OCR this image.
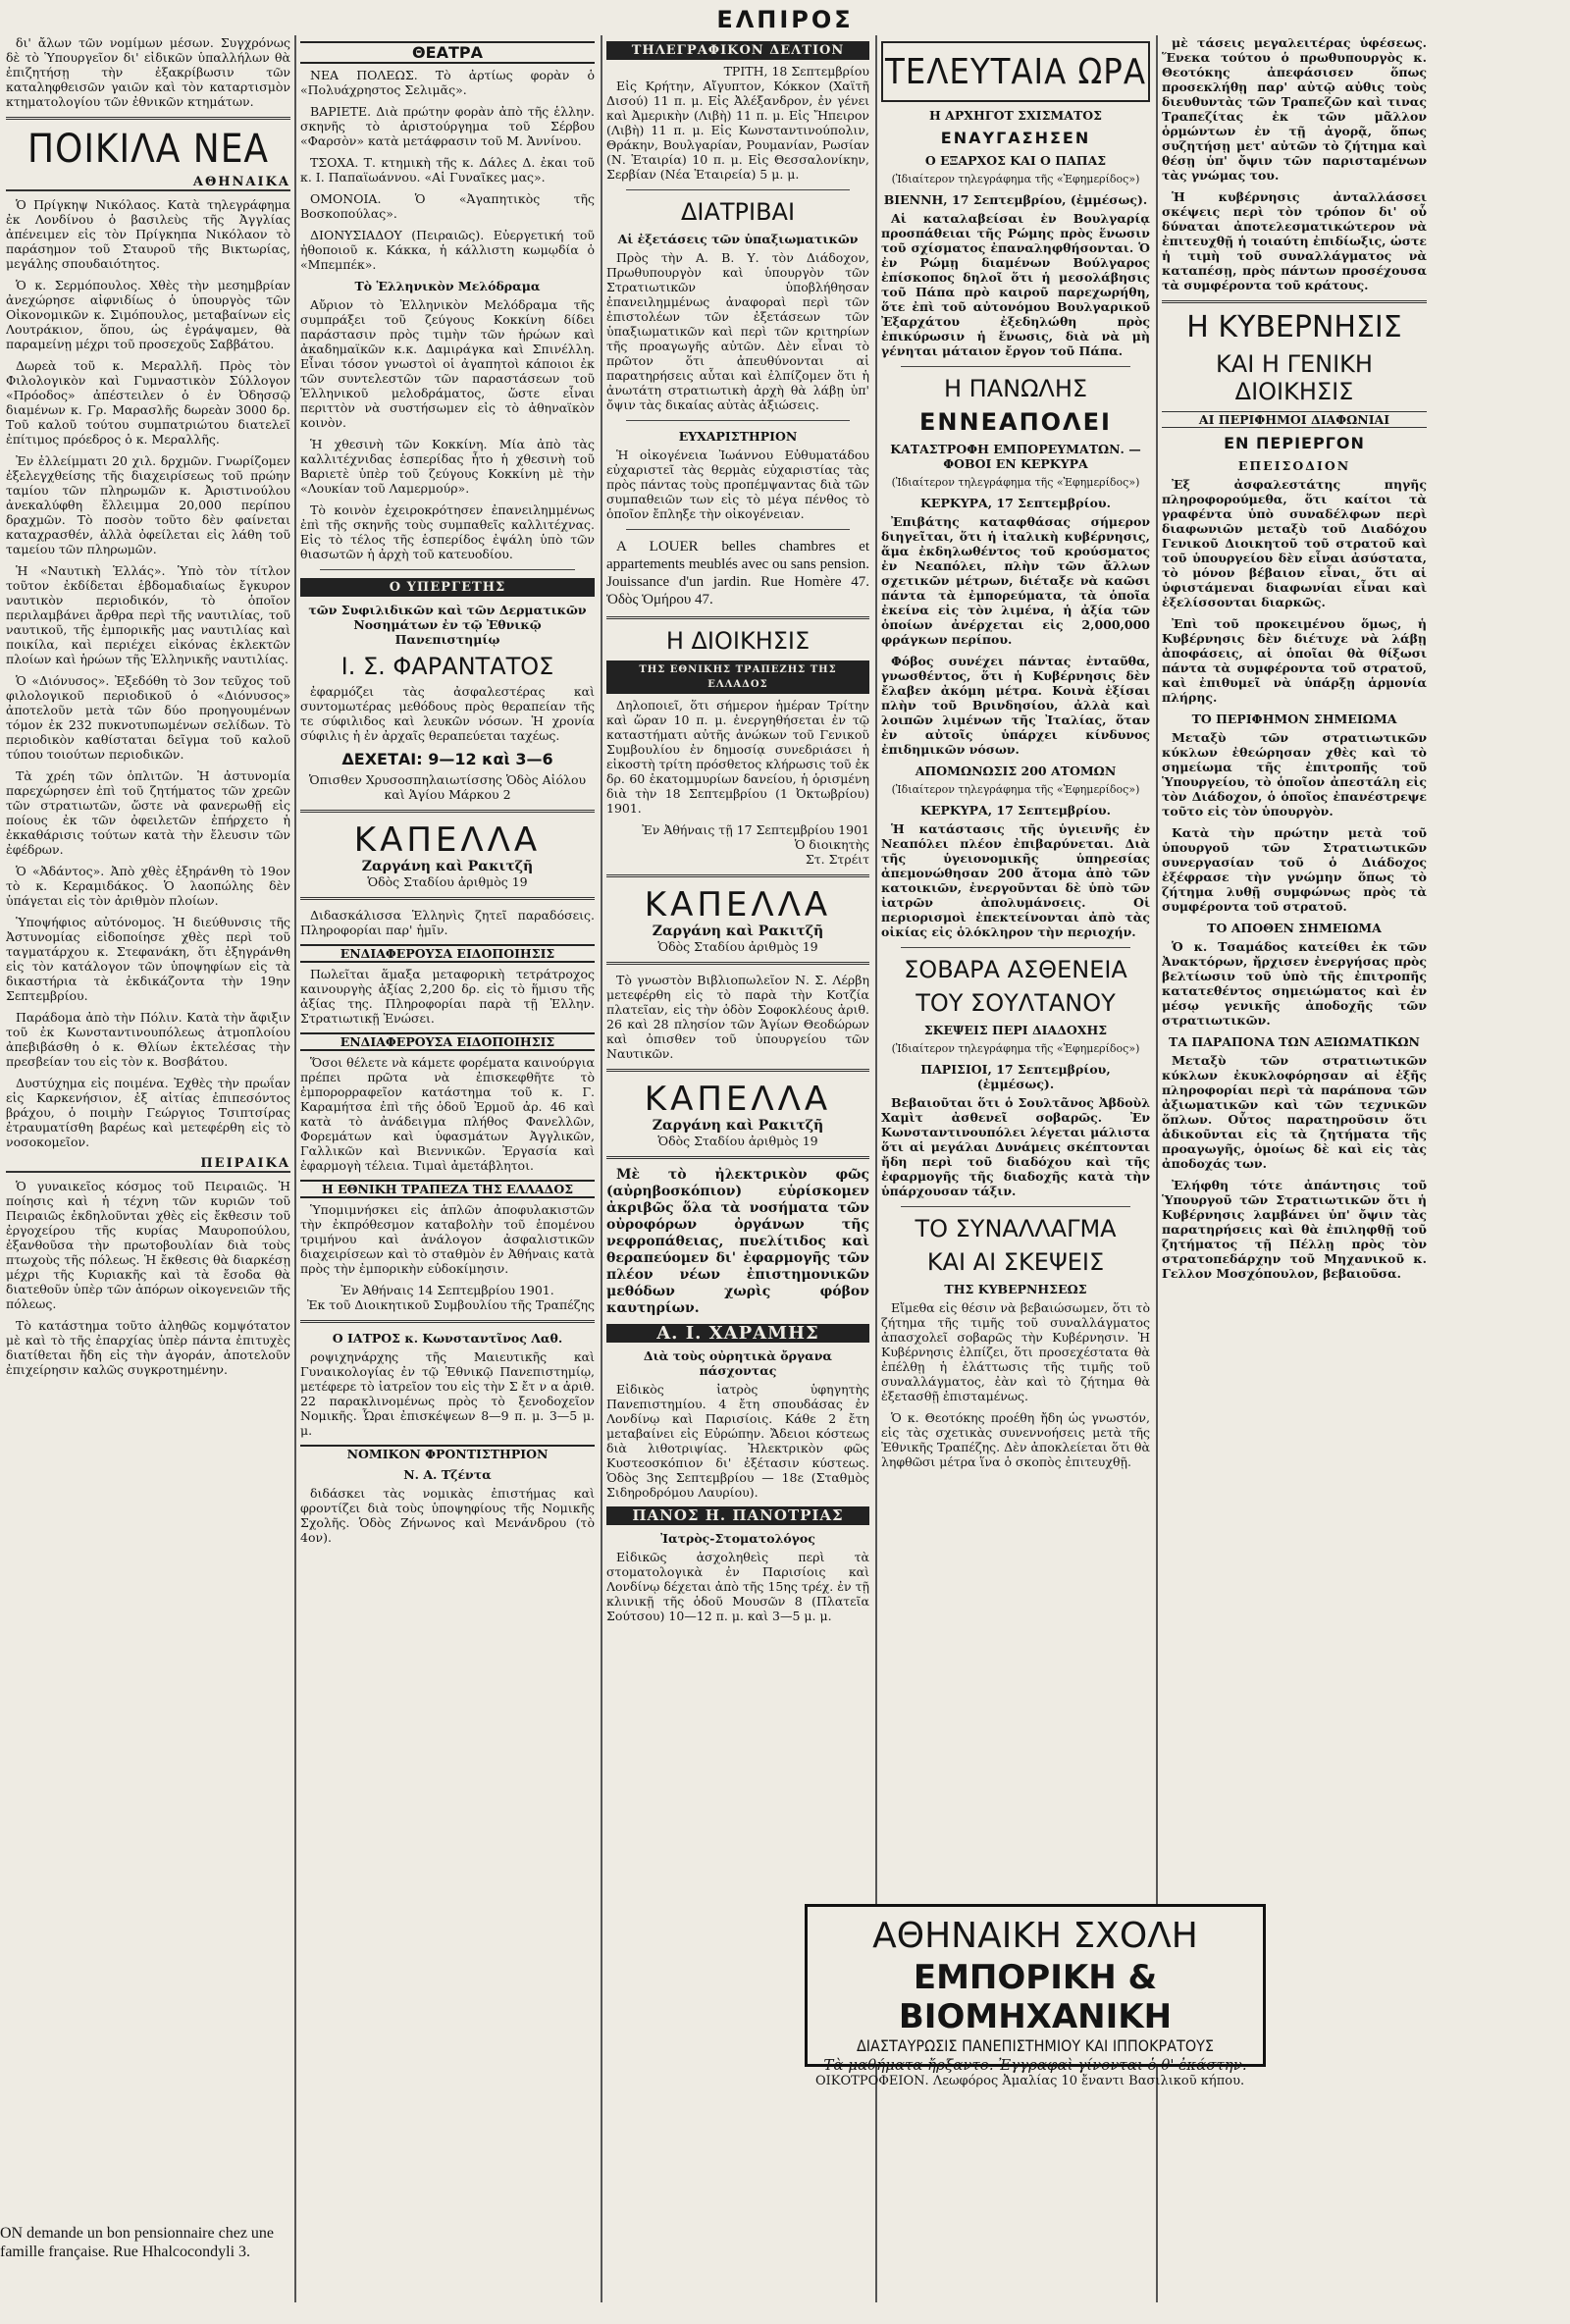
ΕΛΠΙΡΟΣ

δι' ἄλων τῶν νομίμων μέσων. Συγχρόνως δὲ τὸ Ὑπουργεῖον δι' εἰδικῶν ὑπαλλήλων θὰ ἐπιζητήσῃ τὴν ἐξακρίβωσιν τῶν καταληφθεισῶν γαιῶν καὶ τὸν καταρτισμὸν κτηματολογίου τῶν ἐθνικῶν κτημάτων.

ΠΟΙΚΙΛΑ ΝΕΑ
ΑΘΗΝΑΙΚΑ

Ὁ Πρίγκηψ Νικόλαος. Κατὰ τηλεγράφημα ἐκ Λονδίνου ὁ βασιλεὺς τῆς Ἀγγλίας ἀπένειμεν εἰς τὸν Πρίγκηπα Νικόλαον τὸ παράσημον τοῦ Σταυροῦ τῆς Βικτωρίας, μεγάλης σπουδαιότητος.

Ὁ κ. Σερμόπουλος. Χθὲς τὴν μεσημβρίαν ἀνεχώρησε αἰφνιδίως ὁ ὑπουργὸς τῶν Οἰκονομικῶν κ. Σιμόπουλος, μεταβαίνων εἰς Λουτράκιον, ὅπου, ὡς ἐγράψαμεν, θὰ παραμείνῃ μέχρι τοῦ προσεχοῦς Σαββάτου.

Δωρεὰ τοῦ κ. Μεραλλῆ. Πρὸς τὸν Φιλολογικὸν καὶ Γυμναστικὸν Σύλλογον «Πρόοδος» ἀπέστειλεν ὁ ἐν Ὀδησσῷ διαμένων κ. Γρ. Μαρασλῆς δωρεὰν 3000 δρ. Τοῦ καλοῦ τούτου συμπατριώτου διατελεῖ ἐπίτιμος πρόεδρος ὁ κ. Μεραλλῆς.

Ἐν ἐλλείμματι 20 χιλ. δρχμῶν. Γνωρίζομεν ἐξελεγχθείσης τῆς διαχειρίσεως τοῦ πρώην ταμίου τῶν πληρωμῶν κ. Ἀριστινούλου ἀνεκαλύφθη ἔλλειμμα 20,000 περίπου δραχμῶν. Τὸ ποσὸν τοῦτο δὲν φαίνεται καταχρασθέν, ἀλλὰ ὀφείλεται εἰς λάθη τοῦ ταμείου τῶν πληρωμῶν.

Ἡ «Ναυτικὴ Ἑλλάς». Ὑπὸ τὸν τίτλον τοῦτον ἐκδίδεται ἑβδομαδιαίως ἔγκυρον ναυτικὸν περιοδικόν, τὸ ὁποῖον περιλαμβάνει ἄρθρα περὶ τῆς ναυτιλίας, τοῦ ναυτικοῦ, τῆς ἐμπορικῆς μας ναυτιλίας καὶ ποικίλα, καὶ περιέχει εἰκόνας ἐκλεκτῶν πλοίων καὶ ἡρώων τῆς Ἑλληνικῆς ναυτιλίας.

Ὁ «Διόνυσος». Ἐξεδόθη τὸ 3ον τεῦχος τοῦ φιλολογικοῦ περιοδικοῦ ὁ «Διόνυσος» ἀποτελοῦν μετὰ τῶν δύο προηγουμένων τόμον ἐκ 232 πυκνοτυπωμένων σελίδων. Τὸ περιοδικὸν καθίσταται δεῖγμα τοῦ καλοῦ τύπου τοιούτων περιοδικῶν.

Τὰ χρέη τῶν ὁπλιτῶν. Ἡ ἀστυνομία παρεχώρησεν ἐπὶ τοῦ ζητήματος τῶν χρεῶν τῶν στρατιωτῶν, ὥστε νὰ φανερωθῇ εἰς ποίους ἐκ τῶν ὀφειλετῶν ἐπήρχετο ἡ ἐκκαθάρισις τούτων κατὰ τὴν ἔλευσιν τῶν ἐφέδρων.

Ὁ «Ἀδάντος». Ἀπὸ χθὲς ἐξηράνθη τὸ 19ον τὸ κ. Κεραμιδάκος. Ὁ λαοπώλης δὲν ὑπάγεται εἰς τὸν ἀριθμὸν πλοίων.

Ὑποψήφιος αὐτόνομος. Ἡ διεύθυνσις τῆς Ἀστυνομίας εἰδοποίησε χθὲς περὶ τοῦ ταγματάρχου κ. Στεφανάκη, ὅτι ἐξηγράνθη εἰς τὸν κατάλογον τῶν ὑποψηφίων εἰς τὰ δικαστήρια τὰ ἐκδικάζοντα τὴν 19ην Σεπτεμβρίου.

Παράδομα ἀπὸ τὴν Πόλιν. Κατὰ τὴν ἄφιξιν τοῦ ἐκ Κωνσταντινουπόλεως ἀτμοπλοίου ἀπεβιβάσθη ὁ κ. Θλίων ἐκτελέσας τὴν πρεσβείαν του εἰς τὸν κ. Βοσβάτου.

Δυστύχημα εἰς ποιμένα. Ἐχθὲς τὴν πρωΐαν εἰς Καρκενήσιον, ἐξ αἰτίας ἐπιπεσόντος βράχου, ὁ ποιμὴν Γεώργιος Τσιπτσίρας ἐτραυματίσθη βαρέως καὶ μετεφέρθη εἰς τὸ νοσοκομεῖον.

ΠΕΙΡΑΙΚΑ

Ὁ γυναικεῖος κόσμος τοῦ Πειραιῶς. Ἡ ποίησις καὶ ἡ τέχνη τῶν κυριῶν τοῦ Πειραιῶς ἐκδηλοῦνται χθὲς εἰς ἔκθεσιν τοῦ ἐργοχείρου τῆς κυρίας Μαυροπούλου, ἐξανθοῦσα τὴν πρωτοβουλίαν διὰ τοὺς πτωχοὺς τῆς πόλεως. Ἡ ἔκθεσις θὰ διαρκέσῃ μέχρι τῆς Κυριακῆς καὶ τὰ ἔσοδα θὰ διατεθοῦν ὑπὲρ τῶν ἀπόρων οἰκογενειῶν τῆς πόλεως.

Τὸ κατάστημα τοῦτο ἀληθῶς κομψότατον μὲ καὶ τὸ τῆς ἐπαρχίας ὑπὲρ πάντα ἐπιτυχὲς διατίθεται ἤδη εἰς τὴν ἀγοράν, ἀποτελοῦν ἐπιχείρησιν καλῶς συγκροτημένην.

ON demande un bon pensionnaire chez une famille française. Rue Hhalcocondyli 3.
ΘΕΑΤΡΑ

ΝΕΑ ΠΟΛΕΩΣ. Τὸ ἀρτίως φορὰν ὁ «Πολυάχρηστος Σελιμᾶς».

ΒΑΡΙΕΤΕ. Διὰ πρώτην φορὰν ἀπὸ τῆς ἑλλην. σκηνῆς τὸ ἀριστούργημα τοῦ Σέρβου «Φαρσὸν» κατὰ μετάφρασιν τοῦ Μ. Ἀννίνου.

ΤΣΟΧΑ. Τ. κτημικὴ τῆς κ. Δάλες Δ. ἐκαι τοῦ κ. Ι. Παπαϊωάννου. «Αἱ Γυναῖκες μας».

ΟΜΟΝΟΙΑ. Ὁ «Ἀγαπητικὸς τῆς Βοσκοπούλας».

ΔΙΟΝΥΣΙΑΔΟΥ (Πειραιῶς). Εὐεργετική τοῦ ἠθοποιοῦ κ. Κάκκα, ἡ κάλλιστη κωμῳδία ὁ «Μπεμπέκ».

Τὸ Ἑλληνικὸν Μελόδραμα

Αὔριον τὸ Ἑλληνικὸν Μελόδραμα τῆς συμπράξει τοῦ ζεύγους Κοκκίνη δίδει παράστασιν πρὸς τιμὴν τῶν ἡρώων καὶ ἀκαδημαϊκῶν κ.κ. Δαμιράγκα καὶ Σπινέλλη. Εἶναι τόσον γνωστοὶ οἱ ἀγαπητοὶ κάποιοι ἐκ τῶν συντελεστῶν τῶν παραστάσεων τοῦ Ἑλληνικοῦ μελοδράματος, ὥστε εἶναι περιττὸν νὰ συστήσωμεν εἰς τὸ ἀθηναϊκὸν κοινὸν.

Ἡ χθεσινὴ τῶν Κοκκίνη. Μία ἀπὸ τὰς καλλιτέχνιδας ἑσπερίδας ἦτο ἡ χθεσινὴ τοῦ Βαριετὲ ὑπὲρ τοῦ ζεύγους Κοκκίνη μὲ τὴν «Λουκίαν τοῦ Λαμερμούρ».

Τὸ κοινὸν ἐχειροκρότησεν ἐπανειλημμένως ἐπὶ τῆς σκηνῆς τοὺς συμπαθεῖς καλλιτέχνας. Εἰς τὸ τέλος τῆς ἑσπερίδος ἐψάλη ὑπὸ τῶν θιασωτῶν ἡ ἀρχὴ τοῦ κατευοδίου.

Ο ΥΠΕΡΓΕΤΗΣ
τῶν Συφιλιδικῶν καὶ τῶν Δερματικῶν Νοσημάτων ἐν τῷ Ἐθνικῷ Πανεπιστημίῳ
Ι. Σ. ΦΑΡΑΝΤΑΤΟΣ

ἐφαρμόζει τὰς ἀσφαλεστέρας καὶ συντομωτέρας μεθόδους πρὸς θεραπείαν τῆς τε σύφιλιδος καὶ λευκῶν νόσων. Ἡ χρονία σύφιλις ἡ ἐν ἀρχαῖς θεραπεύεται ταχέως.

ΔΕΧΕΤΑΙ: 9—12 καὶ 3—6
Ὁπισθεν Χρυσοσπηλαιωτίσσης Ὁδὸς Αἰόλου καὶ Ἁγίου Μάρκου 2
ΚΑΠΕΛΛΑ
Ζαργάνη καὶ Ρακιτζῆ
Ὁδὸς Σταδίου ἀριθμὸς 19

Διδασκάλισσα Ἑλληνὶς ζητεῖ παραδόσεις. Πληροφορίαι παρ' ἡμῖν.

ΕΝΔΙΑΦΕΡΟΥΣΑ ΕΙΔΟΠΟΙΗΣΙΣ

Πωλεῖται ἅμαξα μεταφορικὴ τετράτροχος καινουργὴς ἀξίας 2,200 δρ. εἰς τὸ ἥμισυ τῆς ἀξίας της. Πληροφορίαι παρὰ τῇ Ἑλλην. Στρατιωτικῇ Ἑνώσει.

ΕΝΔΙΑΦΕΡΟΥΣΑ ΕΙΔΟΠΟΙΗΣΙΣ

Ὅσοι θέλετε νὰ κάμετε φορέματα καινούργια πρέπει πρῶτα νὰ ἐπισκεφθῆτε τὸ ἐμπορορραφεῖον κατάστημα τοῦ κ. Γ. Καραμήτσα ἐπὶ τῆς ὁδοῦ Ἐρμοῦ ἀρ. 46 καὶ κατὰ τὸ ἀνάδειγμα πλήθος Φανελλῶν, Φορεμάτων καὶ ὑφασμάτων Ἀγγλικῶν, Γαλλικῶν καὶ Βιεννικῶν. Ἐργασία καὶ ἐφαρμογὴ τέλεια. Τιμαὶ ἀμετάβλητοι.

Η ΕΘΝΙΚΗ ΤΡΑΠΕΖΑ ΤΗΣ ΕΛΛΑΔΟΣ

Ὑπομιμνήσκει εἰς ἁπλῶν ἀποφυλακιστῶν τὴν ἐκπρόθεσμον καταβολὴν τοῦ ἑπομένου τριμήνου καὶ ἀνάλογον ἀσφαλιστικῶν διαχειρίσεων καὶ τὸ σταθμὸν ἐν Ἀθήναις κατὰ πρὸς τὴν ἐμπορικὴν εὐδοκίμησιν.

Ἐν Ἀθήναις 14 Σεπτεμβρίου 1901.
Ἐκ τοῦ Διοικητικοῦ Συμβουλίου τῆς Τραπέζης
Ο ΙΑΤΡΟΣ κ. Κωνσταντῖνος Λαθ.

ροψιχηνάρχης τῆς Μαιευτικῆς καὶ Γυναικολογίας ἐν τῷ Ἐθνικῷ Πανεπιστημίῳ, μετέφερε τὸ ἰατρεῖον του εἰς τὴν Σ ἔτ ν α ἀριθ. 22 παρακλινομένως πρὸς τὸ ξενοδοχεῖον Νομικῆς. Ὧραι ἐπισκέψεων 8—9 π. μ. 3—5 μ. μ.

ΝΟΜΙΚΟΝ ΦΡΟΝΤΙΣΤΗΡΙΟΝ
Ν. Α. Τζέντα

διδάσκει τὰς νομικὰς ἐπιστήμας καὶ φροντίζει διὰ τοὺς ὑποψηφίους τῆς Νομικῆς Σχολῆς. Ὁδὸς Ζήνωνος καὶ Μενάνδρου (τὸ 4ον).

ΤΗΛΕΓΡΑΦΙΚΟΝ ΔΕΛΤΙΟΝ
ΤΡΙΤΗ, 18 Σεπτεμβρίου

Εἰς Κρήτην, Αἴγυπτον, Κόκκον (Χαϊτῆ Δισού) 11 π. μ. Εἰς Ἀλέξανδρον, ἐν γένει καὶ Ἀμερικὴν (Λιβὴ) 11 π. μ. Εἰς Ἤπειρον (Λιβὴ) 11 π. μ. Εἰς Κωνσταντινούπολιν, Θράκην, Βουλγαρίαν, Ρουμανίαν, Ρωσίαν (Ν. Ἑταιρία) 10 π. μ. Εἰς Θεσσαλονίκην, Σερβίαν (Νέα Ἑταιρεία) 5 μ. μ.

ΔΙΑΤΡΙΒΑΙ
Αἱ ἐξετάσεις τῶν ὑπαξιωματικῶν

Πρὸς τὴν Α. Β. Υ. τὸν Διάδοχον, Πρωθυπουργὸν καὶ ὑπουργὸν τῶν Στρατιωτικῶν ὑποβλήθησαν ἐπανειλημμένως ἀναφοραὶ περὶ τῶν ἐπιστολέων τῶν ἐξετάσεων τῶν ὑπαξιωματικῶν καὶ περὶ τῶν κριτηρίων τῆς προαγωγῆς αὐτῶν. Δὲν εἶναι τὸ πρῶτον ὅτι ἀπευθύνονται αἱ παρατηρήσεις αὗται καὶ ἐλπίζομεν ὅτι ἡ ἀνωτάτη στρατιωτικὴ ἀρχὴ θὰ λάβῃ ὑπ' ὄψιν τὰς δικαίας αὐτὰς ἀξιώσεις.

ΕΥΧΑΡΙΣΤΗΡΙΟΝ

Ἡ οἰκογένεια Ἰωάννου Εὐθυματάδου εὐχαριστεῖ τὰς θερμὰς εὐχαριστίας τὰς πρὸς πάντας τοὺς προπέμψαντας διὰ τῶν συμπαθειῶν των εἰς τὸ μέγα πένθος τὸ ὁποῖον ἔπληξε τὴν οἰκογένειαν.

A LOUER belles chambres et appartements meublés avec ou sans pension. Jouissance d'un jardin. Rue Homère 47. Ὁδὸς Ὁμήρου 47.

Η ΔΙΟΙΚΗΣΙΣ
ΤΗΣ ΕΘΝΙΚΗΣ ΤΡΑΠΕΖΗΣ ΤΗΣ ΕΛΛΑΔΟΣ

Δηλοποιεῖ, ὅτι σήμερον ἡμέραν Τρίτην καὶ ὥραν 10 π. μ. ἐνεργηθήσεται ἐν τῷ καταστήματι αὐτῆς ἀνώκων τοῦ Γενικοῦ Συμβουλίου ἐν δημοσίᾳ συνεδριάσει ἡ εἰκοστὴ τρίτη πρόσθετος κλήρωσις τοῦ ἐκ δρ. 60 ἑκατομμυρίων δανείου, ἡ ὁρισμένη διὰ τὴν 18 Σεπτεμβρίου (1 Ὀκτωβρίου) 1901.

Ἐν Ἀθήναις τῇ 17 Σεπτεμβρίου 1901
Ὁ διοικητὴς
Στ. Στρέιτ
ΚΑΠΕΛΛΑ
Ζαργάνη καὶ Ρακιτζῆ
Ὁδὸς Σταδίου ἀριθμὸς 19

Τὸ γνωστὸν Βιβλιοπωλεῖον Ν. Σ. Λέρβη μετεφέρθη εἰς τὸ παρὰ τὴν Κοτζία πλατεῖαν, εἰς τὴν ὁδὸν Σοφοκλέους ἀριθ. 26 καὶ 28 πλησίον τῶν Ἁγίων Θεοδώρων καὶ ὀπισθεν τοῦ ὑπουργείου τῶν Ναυτικῶν.

ΚΑΠΕΛΛΑ
Ζαργάνη καὶ Ρακιτζῆ
Ὁδὸς Σταδίου ἀριθμὸς 19

Μὲ τὸ ἠλεκτρικὸν φῶς (αὐρηβοσκόπιον) εὑρίσκομεν ἀκριβῶς ὅλα τὰ νοσήματα τῶν οὐροφόρων ὀργάνων τῆς νεφροπάθειας, πυελίτιδος καὶ θεραπεύομεν δι' ἐφαρμογῆς τῶν πλέον νέων ἐπιστημονικῶν μεθόδων χωρὶς φόβον καυτηρίων.

Α. Ι. ΧΑΡΑΜΗΣ
Διὰ τοὺς οὐρητικὰ ὄργανα πάσχοντας

Εἰδικὸς ἰατρὸς ὑφηγητὴς Πανεπιστημίου. 4 ἔτη σπουδάσας ἐν Λονδίνῳ καὶ Παρισίοις. Κάθε 2 ἔτη μεταβαίνει εἰς Εὐρώπην. Ἄδειοι κόστεως διὰ λιθοτριψίας. Ἠλεκτρικὸν φῶς Κυστεοσκόπιον δι' ἐξέτασιν κύστεως. Ὁδὸς 3ης Σεπτεμβρίου — 18ε (Σταθμὸς Σιδηροδρόμου Λαυρίου).

ΠΑΝΟΣ Η. ΠΑΝΟΤΡΙΑΣ
Ἰατρὸς-Στοματολόγος

Εἰδικῶς ἀσχοληθεὶς περὶ τὰ στοματολογικὰ ἐν Παρισίοις καὶ Λονδίνῳ δέχεται ἀπὸ τῆς 15ης τρέχ. ἐν τῇ κλινικῇ τῆς ὁδοῦ Μουσῶν 8 (Πλατεῖα Σούτσου) 10—12 π. μ. καὶ 3—5 μ. μ.

ΤΕΛΕΥΤΑΙΑ ΩΡΑ
Η ΑΡΧΗΓΟΤ ΣΧΙΣΜΑΤΟΣ
ΕΝΑΥΓΑΣΗΣΕΝ
Ο ΕΞΑΡΧΟΣ ΚΑΙ Ο ΠΑΠΑΣ
(Ἰδιαίτερον τηλεγράφημα τῆς «Ἐφημερίδος»)
ΒΙΕΝΝΗ, 17 Σεπτεμβρίου, (ἐμμέσως).

Αἱ καταλαβείσαι ἐν Βουλγαρίᾳ προσπάθειαι τῆς Ρώμης πρὸς ἕνωσιν τοῦ σχίσματος ἐπαναληφθήσονται. Ὁ ἐν Ρώμῃ διαμένων Βούλγαρος ἐπίσκοπος δηλοῖ ὅτι ἡ μεσολάβησις τοῦ Πάπα πρὸ καιροῦ παρεχωρήθη, ὅτε ἐπὶ τοῦ αὐτονόμου Βουλγαρικοῦ Ἐξαρχάτου ἐξεδηλώθη πρὸς ἐπικύρωσιν ἡ ἕνωσις, διὰ νὰ μὴ γένηται μάταιον ἔργον τοῦ Πάπα.

Η ΠΑΝΩΛΗΣ
ΕΝΝΕΑΠΟΛΕΙ
ΚΑΤΑΣΤΡΟΦΗ ΕΜΠΟΡΕΥΜΑΤΩΝ. — ΦΟΒΟΙ ΕΝ ΚΕΡΚΥΡΑ
(Ἰδιαίτερον τηλεγράφημα τῆς «Ἐφημερίδος»)
ΚΕΡΚΥΡΑ, 17 Σεπτεμβρίου.

Ἐπιβάτης καταφθάσας σήμερον διηγεῖται, ὅτι ἡ ἰταλικὴ κυβέρνησις, ἅμα ἐκδηλωθέντος τοῦ κρούσματος ἐν Νεαπόλει, πλὴν τῶν ἄλλων σχετικῶν μέτρων, διέταξε νὰ καῶσι πάντα τὰ ἐμπορεύματα, τὰ ὁποῖα ἐκείνα εἰς τὸν λιμένα, ἡ ἀξία τῶν ὁποίων ἀνέρχεται εἰς 2,000,000 φράγκων περίπου.

Φόβος συνέχει πάντας ἐνταῦθα, γνωσθέντος, ὅτι ἡ Κυβέρνησις δὲν ἔλαβεν ἀκόμη μέτρα. Κοινὰ ἐξίσαι πλὴν τοῦ Βρινδησίου, ἀλλὰ καὶ λοιπῶν λιμένων τῆς Ἰταλίας, ὅταν ἐν αὐτοῖς ὑπάρχει κίνδυνος ἐπιδημικῶν νόσων.

ΑΠΟΜΩΝΩΣΙΣ 200 ΑΤΟΜΩΝ
(Ἰδιαίτερον τηλεγράφημα τῆς «Ἐφημερίδος»)
ΚΕΡΚΥΡΑ, 17 Σεπτεμβρίου.

Ἡ κατάστασις τῆς ὑγιεινῆς ἐν Νεαπόλει πλέον ἐπιβαρύνεται. Διὰ τῆς ὑγειονομικῆς ὑπηρεσίας ἀπεμονώθησαν 200 ἄτομα ἀπὸ τῶν κατοικιῶν, ἐνεργοῦνται δὲ ὑπὸ τῶν ἰατρῶν ἀπολυμάνσεις. Οἱ περιορισμοὶ ἐπεκτείνονται ἀπὸ τὰς οἰκίας εἰς ὁλόκληρον τὴν περιοχήν.

ΣΟΒΑΡΑ ΑΣΘΕΝΕΙΑ
ΤΟΥ ΣΟΥΛΤΑΝΟΥ
ΣΚΕΨΕΙΣ ΠΕΡΙ ΔΙΑΔΟΧΗΣ
(Ἰδιαίτερον τηλεγράφημα τῆς «Ἐφημερίδος»)
ΠΑΡΙΣΙΟΙ, 17 Σεπτεμβρίου, (ἐμμέσως).

Βεβαιοῦται ὅτι ὁ Σουλτᾶνος Ἀβδοὺλ Χαμὶτ ἀσθενεῖ σοβαρῶς. Ἐν Κωνσταντινουπόλει λέγεται μάλιστα ὅτι αἱ μεγάλαι Δυνάμεις σκέπτονται ἤδη περὶ τοῦ διαδόχου καὶ τῆς ἐφαρμογῆς τῆς διαδοχῆς κατὰ τὴν ὑπάρχουσαν τάξιν.

ΤΟ ΣΥΝΑΛΛΑΓΜΑ
ΚΑΙ ΑΙ ΣΚΕΨΕΙΣ
ΤΗΣ ΚΥΒΕΡΝΗΣΕΩΣ

Εἴμεθα εἰς θέσιν νὰ βεβαιώσωμεν, ὅτι τὸ ζήτημα τῆς τιμῆς τοῦ συναλλάγματος ἀπασχολεῖ σοβαρῶς τὴν Κυβέρνησιν. Ἡ Κυβέρνησις ἐλπίζει, ὅτι προσεχέστατα θὰ ἐπέλθῃ ἡ ἐλάττωσις τῆς τιμῆς τοῦ συναλλάγματος, ἐὰν καὶ τὸ ζήτημα θὰ ἐξετασθῇ ἐπισταμένως.

Ὁ κ. Θεοτόκης προέθη ἤδη ὡς γνωστόν, εἰς τὰς σχετικὰς συνεννοήσεις μετὰ τῆς Ἐθνικῆς Τραπέζης. Δὲν ἀποκλείεται ὅτι θὰ ληφθῶσι μέτρα ἵνα ὁ σκοπὸς ἐπιτευχθῇ.

μὲ τάσεις μεγαλειτέρας ὑφέσεως. Ἕνεκα τούτου ὁ πρωθυπουργὸς κ. Θεοτόκης ἀπεφάσισεν ὅπως προσεκλήθῃ παρ' αὐτῷ αὐθις τοὺς διευθυντὰς τῶν Τραπεζῶν καὶ τινας Τραπεζίτας ἐκ τῶν μᾶλλον ὁρμώντων ἐν τῇ ἀγορᾷ, ὅπως συζητήσῃ μετ' αὐτῶν τὸ ζήτημα καὶ θέσῃ ὑπ' ὄψιν τῶν παρισταμένων τὰς γνώμας του.

Ἡ κυβέρνησις ἀνταλλάσσει σκέψεις περὶ τὸν τρόπον δι' οὗ δύναται ἀποτελεσματικώτερον νὰ ἐπιτευχθῇ ἡ τοιαύτη ἐπιδίωξις, ὡστε ἡ τιμὴ τοῦ συναλλάγματος νὰ καταπέσῃ, πρὸς πάντων προσέχουσα τὰ συμφέροντα τοῦ κράτους.

Η ΚΥΒΕΡΝΗΣΙΣ
ΚΑΙ Η ΓΕΝΙΚΗ ΔΙΟΙΚΗΣΙΣ
ΑΙ ΠΕΡΙΦΗΜΟΙ ΔΙΑΦΩΝΙΑΙ
ΕΝ ΠΕΡΙΕΡΓΟΝ
ΕΠΕΙΣΟΔΙΟΝ

Ἐξ ἀσφαλεστάτης πηγῆς πληροφορούμεθα, ὅτι καίτοι τὰ γραφέντα ὑπὸ συναδέλφων περὶ διαφωνιῶν μεταξὺ τοῦ Διαδόχου Γενικοῦ Διοικητοῦ τοῦ στρατοῦ καὶ τοῦ ὑπουργείου δὲν εἶναι ἀσύστατα, τὸ μόνον βέβαιον εἶναι, ὅτι αἱ ὑφιστάμεναι διαφωνίαι εἶναι καὶ ἐξελίσσονται διαρκῶς.

Ἐπὶ τοῦ προκειμένου ὅμως, ἡ Κυβέρνησις δὲν διέτυχε νὰ λάβῃ ἀποφάσεις, αἱ ὁποῖαι θὰ θίξωσι πάντα τὰ συμφέροντα τοῦ στρατοῦ, καὶ ἐπιθυμεῖ νὰ ὑπάρξῃ ἁρμονία πλήρης.

ΤΟ ΠΕΡΙΦΗΜΟΝ ΣΗΜΕΙΩΜΑ

Μεταξὺ τῶν στρατιωτικῶν κύκλων ἐθεώρησαν χθὲς καὶ τὸ σημείωμα τῆς ἐπιτροπῆς τοῦ Ὑπουργείου, τὸ ὁποῖον ἀπεστάλη εἰς τὸν Διάδοχον, ὁ ὁποῖος ἐπανέστρεψε τοῦτο εἰς τὸν ὑπουργὸν.

Κατὰ τὴν πρώτην μετὰ τοῦ ὑπουργοῦ τῶν Στρατιωτικῶν συνεργασίαν τοῦ ὁ Διάδοχος ἐξέφρασε τὴν γνώμην ὅπως τὸ ζήτημα λυθῇ συμφώνως πρὸς τὰ συμφέροντα τοῦ στρατοῦ.

ΤΟ ΑΠΟΘΕΝ ΣΗΜΕΙΩΜΑ

Ὁ κ. Τσαμάδος κατείθει ἐκ τῶν Ἀνακτόρων, ἤρχισεν ἐνεργήσας πρὸς βελτίωσιν τοῦ ὑπὸ τῆς ἐπιτροπῆς κατατεθέντος σημειώματος καὶ ἐν μέσῳ γενικῆς ἀποδοχῆς τῶν στρατιωτικῶν.

ΤΑ ΠΑΡΑΠΟΝΑ ΤΩΝ ΑΞΙΩΜΑΤΙΚΩΝ

Μεταξὺ τῶν στρατιωτικῶν κύκλων ἐκυκλοφόρησαν αἱ ἐξῆς πληροφορίαι περὶ τὰ παράπονα τῶν ἀξιωματικῶν καὶ τῶν τεχνικῶν ὅπλων. Οὗτος παρατηροῦσιν ὅτι ἀδικοῦνται εἰς τὰ ζητήματα τῆς προαγωγῆς, ὁμοίως δὲ καὶ εἰς τὰς ἀποδοχάς των.

Ἐλήφθη τότε ἀπάντησις τοῦ Ὑπουργοῦ τῶν Στρατιωτικῶν ὅτι ἡ Κυβέρνησις λαμβάνει ὑπ' ὄψιν τὰς παρατηρήσεις καὶ θὰ ἐπιληφθῇ τοῦ ζητήματος τῇ Πέλλῃ πρὸς τὸν στρατοπεδάρχην τοῦ Μηχανικοῦ κ. Γελλον Μοσχόπουλον, βεβαιοῦσα.

ΑΘΗΝΑΙΚΗ ΣΧΟΛΗ
ΕΜΠΟΡΙΚΗ & ΒΙΟΜΗΧΑΝΙΚΗ
ΔΙΑΣΤΑΥΡΩΣΙΣ ΠΑΝΕΠΙΣΤΗΜΙΟΥ ΚΑΙ ΙΠΠΟΚΡΑΤΟΥΣ
Τὰ μαθήματα ἤρξαντο. Ἐγγραφαὶ γίνονται ὁ θ' ἐκάστην.
ΟΙΚΟΤΡΟΦΕΙΟΝ. Λεωφόρος Ἀμαλίας 10 ἔναντι Βασιλικοῦ κήπου.
